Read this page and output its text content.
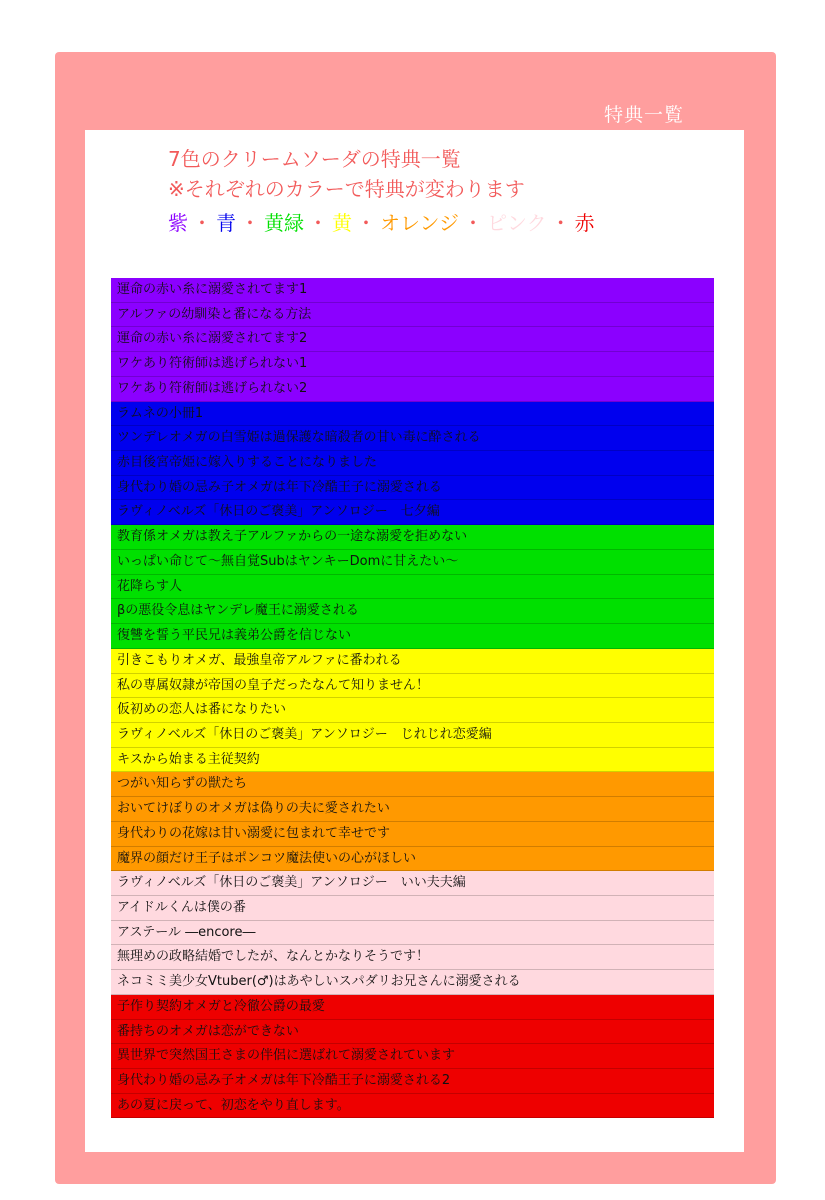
特典一覧
7色のクリームソーダの特典一覧
※それぞれのカラーで特典が変わります
紫 ・ 青 ・ 黄緑 ・ 黄 ・ オレンジ ・ ピンク ・ 赤
運命の赤い糸に溺愛されてます1
アルファの幼馴染と番になる方法
運命の赤い糸に溺愛されてます2
ワケあり符術師は逃げられない1
ワケあり符術師は逃げられない2
ラムネの小冊1
ツンデレオメガの白雪姫は過保護な暗殺者の甘い毒に酔される
赤目後宮帝姫に嫁入りすることになりました
身代わり婚の忌み子オメガは年下冷酷王子に溺愛される
ラヴィノベルズ「休日のご褒美」アンソロジー　七夕編
教育係オメガは教え子アルファからの一途な溺愛を拒めない
いっぱい命じて～無自覚SubはヤンキーDomに甘えたい～
花降らす人
βの悪役令息はヤンデレ魔王に溺愛される
復讐を誓う平民兄は義弟公爵を信じない
引きこもりオメガ、最強皇帝アルファに番われる
私の専属奴隷が帝国の皇子だったなんて知りません！
仮初めの恋人は番になりたい
ラヴィノベルズ「休日のご褒美」アンソロジー　じれじれ恋愛編
キスから始まる主従契約
つがい知らずの獣たち
おいてけぼりのオメガは偽りの夫に愛されたい
身代わりの花嫁は甘い溺愛に包まれて幸せです
魔界の顔だけ王子はポンコツ魔法使いの心がほしい
ラヴィノベルズ「休日のご褒美」アンソロジー　いい夫夫編
アイドルくんは僕の番
アステール ―encore―
無理めの政略結婚でしたが、なんとかなりそうです！
ネコミミ美少女Vtuber(♂)はあやしいスパダリお兄さんに溺愛される
子作り契約オメガと冷徹公爵の最愛
番持ちのオメガは恋ができない
異世界で突然国王さまの伴侶に選ばれて溺愛されています
身代わり婚の忌み子オメガは年下冷酷王子に溺愛される2
あの夏に戻って、初恋をやり直します。
